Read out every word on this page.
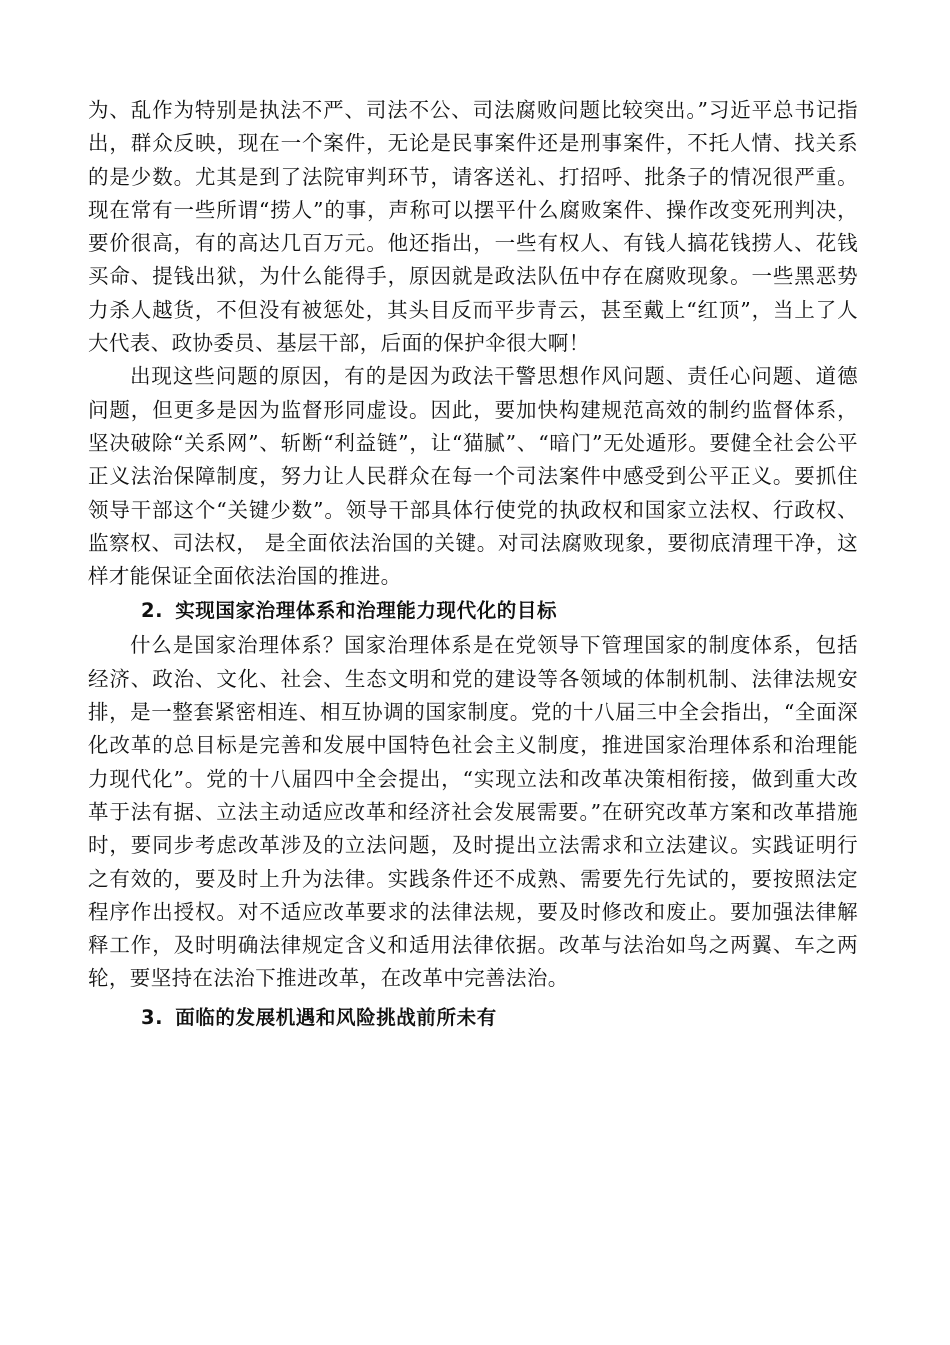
为、乱作为特别是执法不严、司法不公、司法腐败问题比较突出。”习近平总书记指出，群众反映，现在一个案件，无论是民事案件还是刑事案件，不托人情、找关系的是少数。尤其是到了法院审判环节，请客送礼、打招呼、批条子的情况很严重。现在常有一些所谓“捞人”的事，声称可以摆平什么腐败案件、操作改变死刑判决，要价很高，有的高达几百万元。他还指出，一些有权人、有钱人搞花钱捞人、花钱买命、提钱出狱，为什么能得手，原因就是政法队伍中存在腐败现象。一些黑恶势力杀人越货，不但没有被惩处，其头目反而平步青云，甚至戴上“红顶”，当上了人大代表、政协委员、基层干部，后面的保护伞很大啊！

出现这些问题的原因，有的是因为政法干警思想作风问题、责任心问题、道德问题，但更多是因为监督形同虚设。因此，要加快构建规范高效的制约监督体系，坚决破除“关系网”、斩断“利益链”，让“猫腻”、“暗门”无处遁形。要健全社会公平正义法治保障制度，努力让人民群众在每一个司法案件中感受到公平正义。要抓住领导干部这个“关键少数”。领导干部具体行使党的执政权和国家立法权、行政权、监察权、司法权， 是全面依法治国的关键。对司法腐败现象，要彻底清理干净，这样才能保证全面依法治国的推进。

2. 实现国家治理体系和治理能力现代化的目标

什么是国家治理体系？国家治理体系是在党领导下管理国家的制度体系，包括经济、政治、文化、社会、生态文明和党的建设等各领域的体制机制、法律法规安排，是一整套紧密相连、相互协调的国家制度。党的十八届三中全会指出，“全面深化改革的总目标是完善和发展中国特色社会主义制度，推进国家治理体系和治理能力现代化”。党的十八届四中全会提出，“实现立法和改革决策相衔接，做到重大改革于法有据、立法主动适应改革和经济社会发展需要。”在研究改革方案和改革措施时，要同步考虑改革涉及的立法问题，及时提出立法需求和立法建议。实践证明行之有效的，要及时上升为法律。实践条件还不成熟、需要先行先试的，要按照法定程序作出授权。对不适应改革要求的法律法规，要及时修改和废止。要加强法律解释工作，及时明确法律规定含义和适用法律依据。改革与法治如鸟之两翼、车之两轮，要坚持在法治下推进改革，在改革中完善法治。

3. 面临的发展机遇和风险挑战前所未有
